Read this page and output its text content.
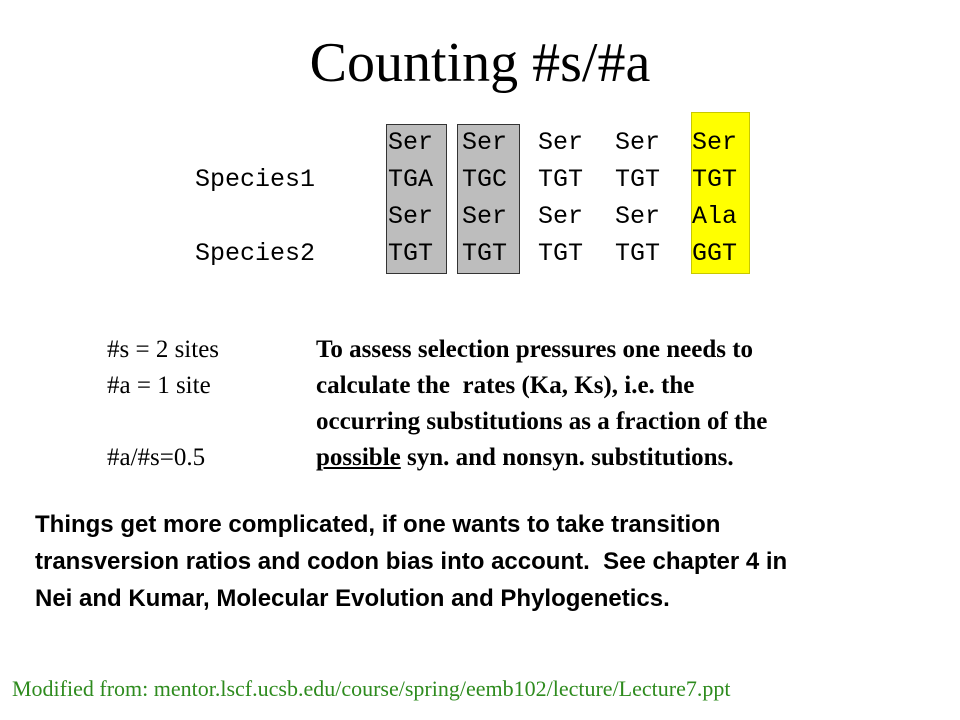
Counting #s/#a

Ser

Ser

Ser

Ser

Ser

Species1

	TGA

TGC

TGT

TGT

TGT

Ser

Ser

Ser

Ser

Ala

Species2

	TGT

TGT

TGT

TGT

GGT

#s = 2 sites
#a = 1 site
#a/#s=0.5
To assess selection pressures one needs to
calculate the  rates (Ka, Ks), i.e. the
occurring substitutions as a fraction of the
possible syn. and nonsyn. substitutions.
Things get more complicated, if one wants to take transition
transversion ratios and codon bias into account.  See chapter 4 in
Nei and Kumar, Molecular Evolution and Phylogenetics.
Modified from: mentor.lscf.ucsb.edu/course/spring/eemb102/lecture/Lecture7.ppt
